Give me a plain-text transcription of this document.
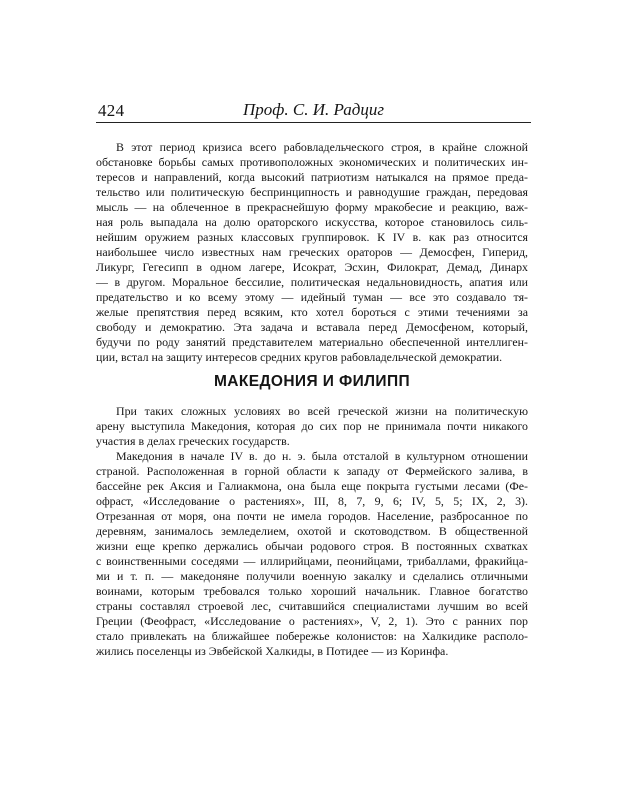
424	Проф. С. И. Радциг
В этот период кризиса всего рабовладельческого строя, в крайне сложной
обстановке борьбы самых противоположных экономических и политических ин-
тересов и направлений, когда высокий патриотизм натыкался на прямое преда-
тельство или политическую беспринципность и равнодушие граждан, передовая
мысль — на облеченное в прекраснейшую форму мракобесие и реакцию, важ-
ная роль выпадала на долю ораторского искусства, которое становилось силь-
нейшим оружием разных классовых группировок. К IV в. как раз относится
наибольшее число известных нам греческих ораторов — Демосфен, Гиперид,
Ликург, Гегесипп в одном лагере, Исократ, Эсхин, Филократ, Демад, Динарх
— в другом. Моральное бессилие, политическая недальновидность, апатия или
предательство и ко всему этому — идейный туман — все это создавало тя-
желые препятствия перед всяким, кто хотел бороться с этими течениями за
свободу и демократию. Эта задача и вставала перед Демосфеном, который,
будучи по роду занятий представителем материально обеспеченной интеллиген-
ции, встал на защиту интересов средних кругов рабовладельческой демократии.
МАКЕДОНИЯ И ФИЛИПП
При таких сложных условиях во всей греческой жизни на политическую
арену выступила Македония, которая до сих пор не принимала почти никакого
участия в делах греческих государств.
Македония в начале IV в. до н. э. была отсталой в культурном отношении
страной. Расположенная в горной области к западу от Фермейского залива, в
бассейне рек Аксия и Галиакмона, она была еще покрыта густыми лесами (Фе-
офраст, «Исследование о растениях», III, 8, 7, 9, 6; IV, 5, 5; IX, 2, 3).
Отрезанная от моря, она почти не имела городов. Население, разбросанное по
деревням, занималось земледелием, охотой и скотоводством. В общественной
жизни еще крепко держались обычаи родового строя. В постоянных схватках
с воинственными соседями — иллирийцами, пеонийцами, трибаллами, фракийца-
ми и т. п. — македоняне получили военную закалку и сделались отличными
воинами, которым требовался только хороший начальник. Главное богатство
страны составлял строевой лес, считавшийся специалистами лучшим во всей
Греции (Феофраст, «Исследование о растениях», V, 2, 1). Это с ранних пор
стало привлекать на ближайшее побережье колонистов: на Халкидике располо-
жились поселенцы из Эвбейской Халкиды, в Потидее — из Коринфа.
